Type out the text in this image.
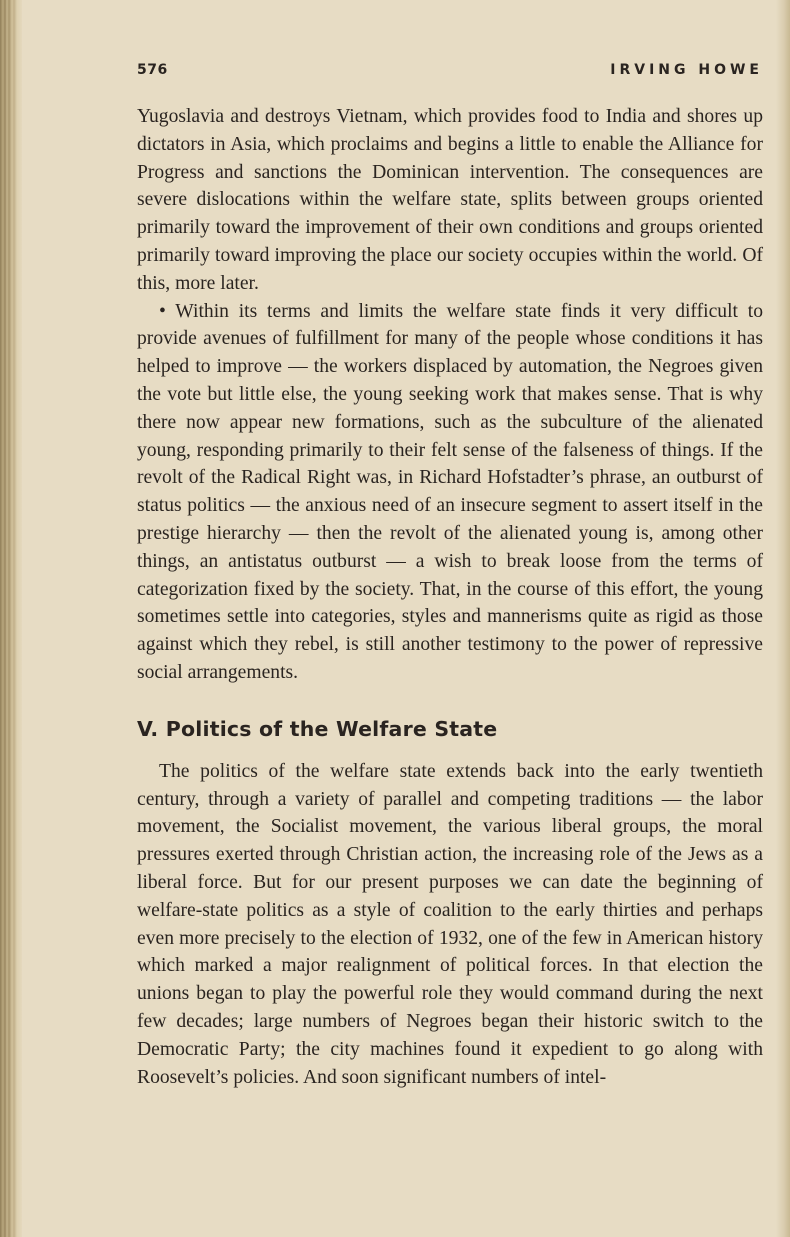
576	IRVING HOWE

Yugoslavia and destroys Vietnam, which provides food to India and shores up dictators in Asia, which proclaims and begins a little to enable the Alliance for Progress and sanctions the Dominican intervention. The consequences are severe dislocations within the welfare state, splits between groups oriented primarily toward the improvement of their own conditions and groups oriented primarily toward improving the place our society occupies within the world. Of this, more later.

• Within its terms and limits the welfare state finds it very difficult to provide avenues of fulfillment for many of the people whose conditions it has helped to improve — the workers displaced by automation, the Negroes given the vote but little else, the young seeking work that makes sense. That is why there now appear new formations, such as the subculture of the alienated young, responding primarily to their felt sense of the falseness of things. If the revolt of the Radical Right was, in Richard Hofstadter’s phrase, an outburst of status politics — the anxious need of an insecure segment to assert itself in the prestige hierarchy — then the revolt of the alienated young is, among other things, an antistatus outburst — a wish to break loose from the terms of categorization fixed by the society. That, in the course of this effort, the young sometimes settle into categories, styles and mannerisms quite as rigid as those against which they rebel, is still another testimony to the power of repressive social arrangements.

V. Politics of the Welfare State

The politics of the welfare state extends back into the early twentieth century, through a variety of parallel and competing traditions — the labor movement, the Socialist movement, the various liberal groups, the moral pressures exerted through Christian action, the increasing role of the Jews as a liberal force. But for our present purposes we can date the beginning of welfare-state politics as a style of coalition to the early thirties and perhaps even more precisely to the election of 1932, one of the few in American history which marked a major realignment of political forces. In that election the unions began to play the powerful role they would command during the next few decades; large numbers of Negroes began their historic switch to the Democratic Party; the city machines found it expedient to go along with Roosevelt’s policies. And soon significant numbers of intel-
